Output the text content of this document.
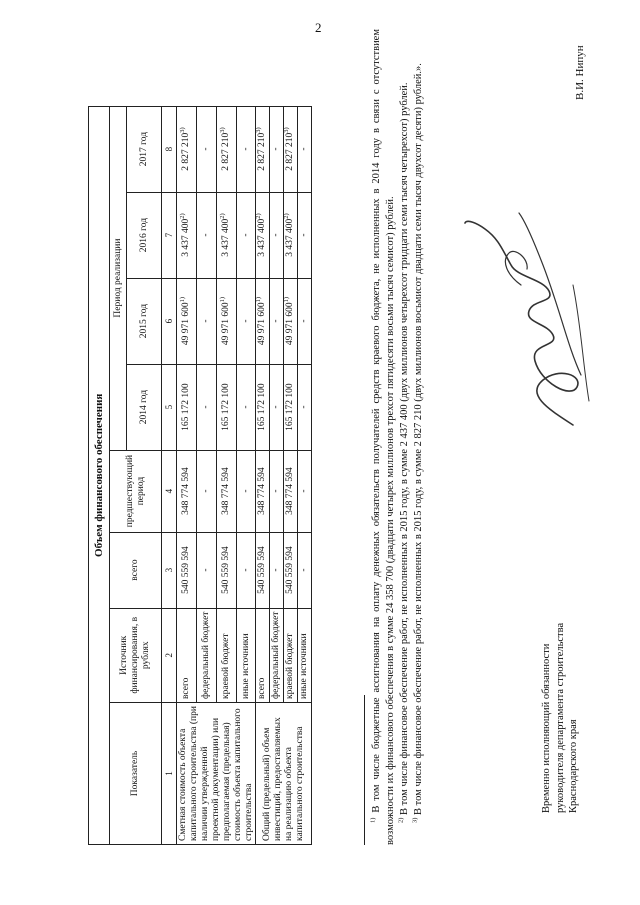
2
Объем финансового обеспечения							
Показатель	Источник финансирования, в рублях	всего	предшествующий период	Период реализации			
				2014 год	2015 год	2016 год	2017 год
1	2	3	4	5	6	7	8
Сметная стоимость объекта капитального строительства (при наличии утвержденной проектной документации) или предполагаемая (предельная) стоимость объекта капитального строительства	всего	540 559 594	348 774 594	165 172 100	49 971 600$^{1)}$	3 437 400$^{2)}$	2 827 210$^{3)}$
	федеральный бюджет	-	-	-	-	-	-
	краевой бюджет	540 559 594	348 774 594	165 172 100	49 971 600$^{1)}$	3 437 400$^{2)}$	2 827 210$^{3)}$
	иные источники	-	-	-	-	-	-
Общий (предельный) объем инвестиций, предоставляемых на реализацию объекта капитального строительства	всего	540 559 594	348 774 594	165 172 100	49 971 600$^{1)}$	3 437 400$^{2)}$	2 827 210$^{3)}$
	федеральный бюджет	-	-	-	-	-	-
	краевой бюджет	540 559 594	348 774 594	165 172 100	49 971 600$^{1)}$	3 437 400$^{2)}$	2 827 210$^{3)}$
	иные источники	-	-	-	-	-	-

$^{1)}$ В том числе бюджетные ассигнования на оплату денежных обязательств получателей средств краевого бюджета, не исполненных в 2014 году в связи с отсутствием возможности их финансового обеспечения в сумме 24 358 700 (двадцати четырех миллионов трехсот пятидесяти восьми тысяч семисот) рублей. $^{2)}$ В том числе финансовое обеспечение работ, не исполненных в 2015 году, в сумме 2 437 400 (двух миллионов четырехсот тридцати семи тысяч четырехсот) рублей.

$^{3)}$ В том числе финансовое обеспечение работ, не исполненных в 2015 году, в сумме 2 827 210 (двух миллионов восьмисот двадцати семи тысяч двухсот десяти) рублей.».	Временно исполняющий обязанности руководителя департамента строительства Краснодарского края
В.И. Нипун
